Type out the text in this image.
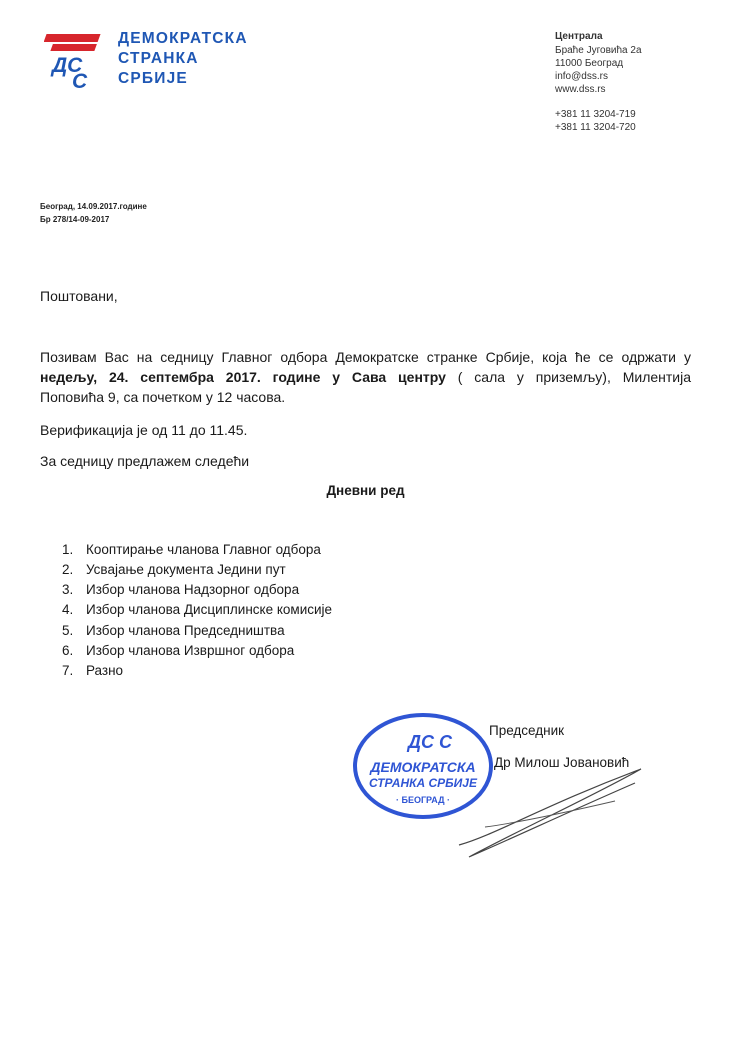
ДС
С
ДЕМОКРАТСКА
СТРАНКА
СРБИЈЕ
Централа
Браће Југовића 2а
11000 Београд
info@dss.rs
www.dss.rs
+381 11 3204-719
+381 11 3204-720
Београд, 14.09.2017.године
Бр 278/14-09-2017
Поштовани,
Позивам Вас на седницу Главног одбора Демократске странке Србије, која ће се одржати у
недељу, 24. септембра 2017. године у Сава центру ( сала у приземљу), Милентија
Поповића 9, са почетком у 12 часова.
Верификација је од 11 до 11.45.
За седницу предлажем следећи
Дневни ред
1. Кооптирање чланова Главног одбора
2. Усвајање документа Једини пут
3. Избор чланова Надзорног одбора
4. Избор чланова Дисциплинске комисије
5. Избор чланова Председништва
6. Избор чланова Извршног одбора
7. Разно
ДС С
ДЕМОКРАТСКА
СТРАНКА СРБИЈЕ
· БЕОГРАД ·
Председник
Др Милош Јовановић
